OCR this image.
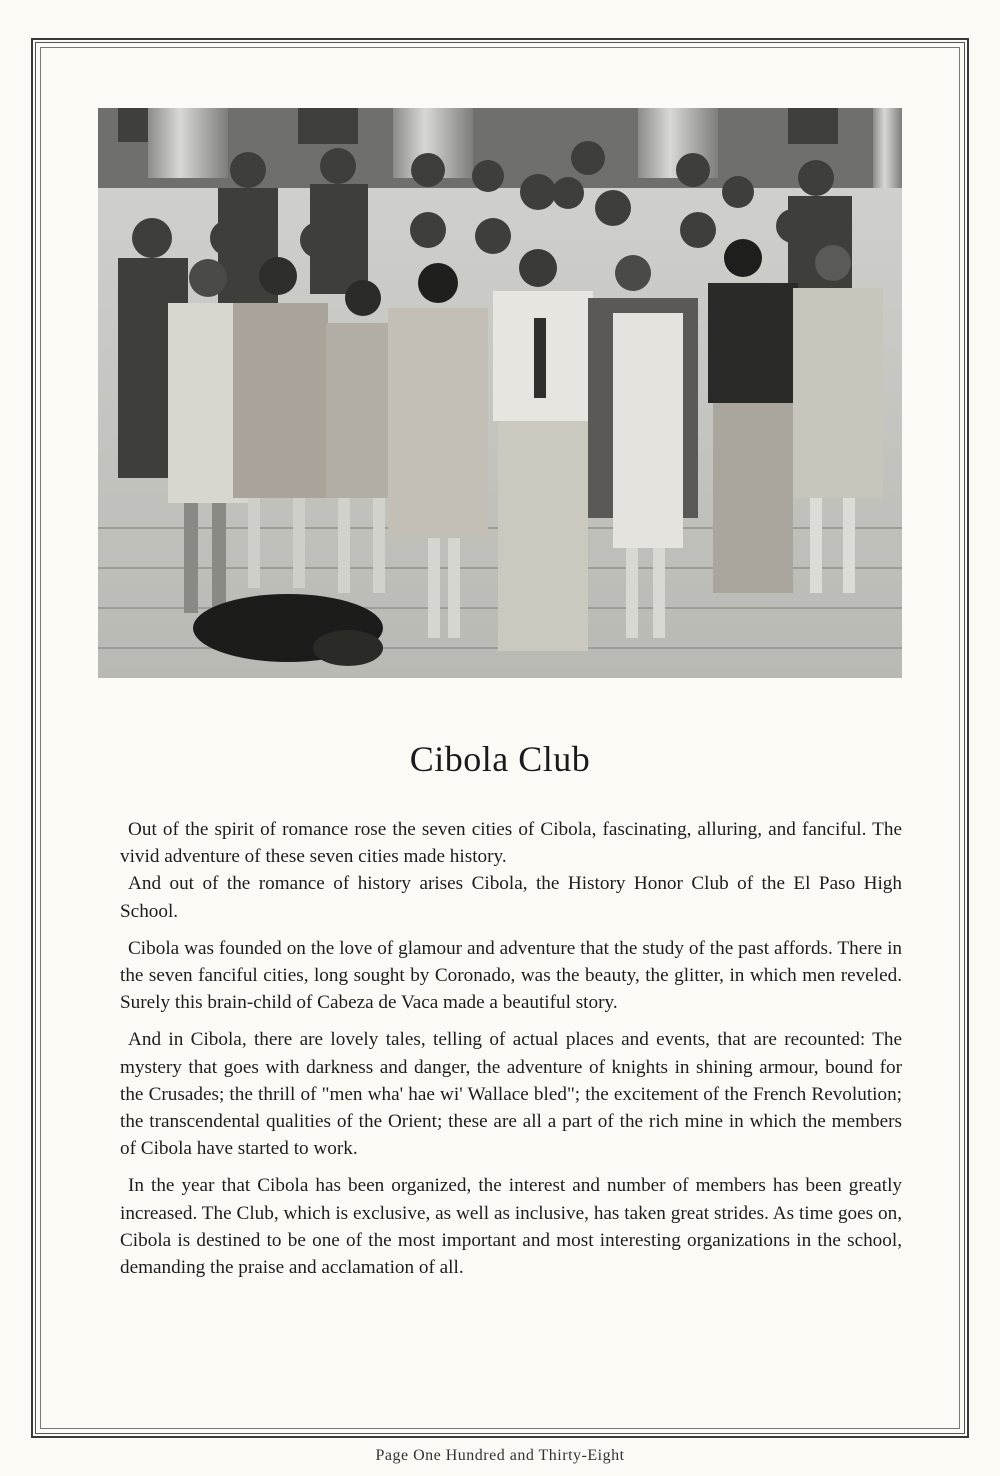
Cibola Club

Out of the spirit of romance rose the seven cities of Cibola, fascinating, alluring, and fanciful. The vivid adventure of these seven cities made history.

And out of the romance of history arises Cibola, the History Honor Club of the El Paso High School.

Cibola was founded on the love of glamour and adventure that the study of the past affords. There in the seven fanciful cities, long sought by Coronado, was the beauty, the glitter, in which men reveled. Surely this brain-child of Cabeza de Vaca made a beautiful story.

And in Cibola, there are lovely tales, telling of actual places and events, that are recounted: The mystery that goes with darkness and danger, the adventure of knights in shining armour, bound for the Crusades; the thrill of "men wha' hae wi' Wallace bled"; the excitement of the French Revolution; the transcendental qualities of the Orient; these are all a part of the rich mine in which the members of Cibola have started to work.

In the year that Cibola has been organized, the interest and number of members has been greatly increased. The Club, which is exclusive, as well as inclusive, has taken great strides. As time goes on, Cibola is destined to be one of the most important and most interesting organizations in the school, demanding the praise and acclamation of all.

Page One Hundred and Thirty-Eight
